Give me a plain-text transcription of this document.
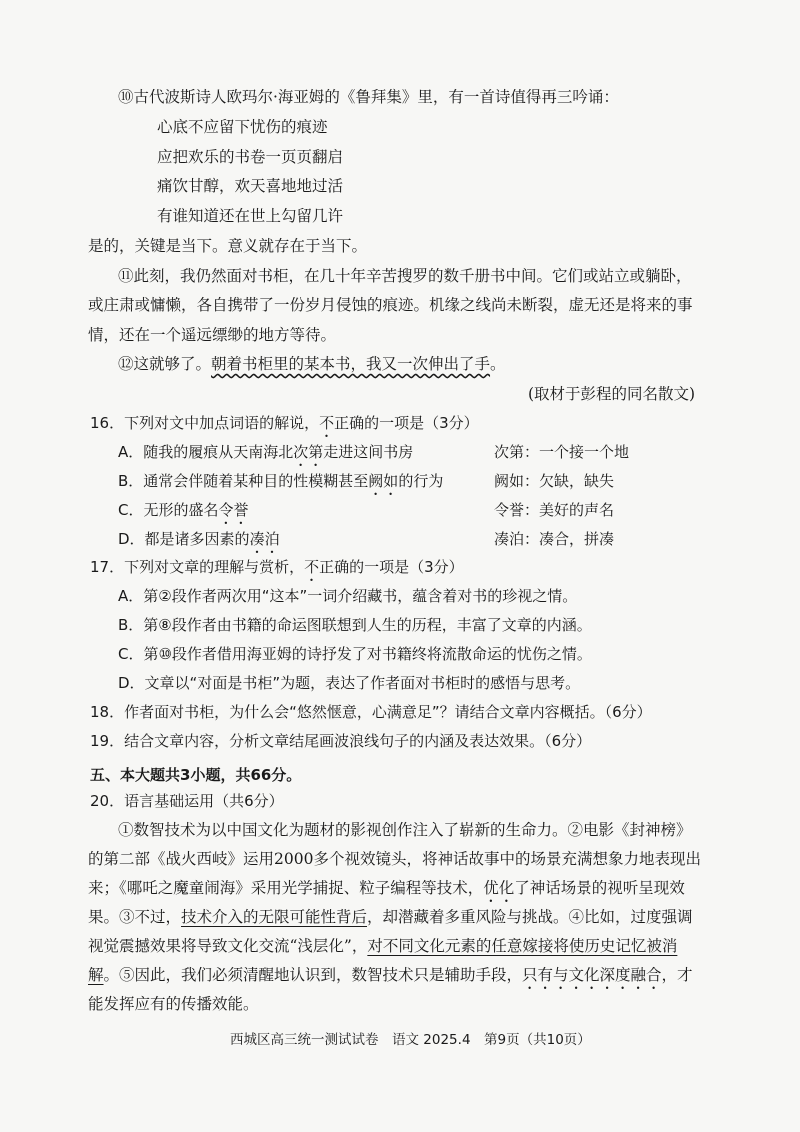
⑩古代波斯诗人欧玛尔·海亚姆的《鲁拜集》里，有一首诗值得再三吟诵：
心底不应留下忧伤的痕迹
应把欢乐的书卷一页页翻启
痛饮甘醇，欢天喜地地过活
有谁知道还在世上勾留几许
是的，关键是当下。意义就存在于当下。
⑪此刻，我仍然面对书柜，在几十年辛苦搜罗的数千册书中间。它们或站立或躺卧，
或庄肃或慵懒，各自携带了一份岁月侵蚀的痕迹。机缘之线尚未断裂，虚无还是将来的事
情，还在一个遥远缥缈的地方等待。
⑫这就够了。朝着书柜里的某本书，我又一次伸出了手。
(取材于彭程的同名散文)
16．下列对文中加点词语的解说，不正确的一项是（3分）
A．随我的履痕从天南海北次第走进这间书房	次第：一个接一个地
B．通常会伴随着某种目的性模糊甚至阙如的行为	阙如：欠缺，缺失
C．无形的盛名令誉	令誉：美好的声名
D．都是诸多因素的凑泊	凑泊：凑合，拼凑
17．下列对文章的理解与赏析，不正确的一项是（3分）
A．第②段作者两次用“这本”一词介绍藏书，蕴含着对书的珍视之情。
B．第⑧段作者由书籍的命运图联想到人生的历程，丰富了文章的内涵。
C．第⑩段作者借用海亚姆的诗抒发了对书籍终将流散命运的忧伤之情。
D．文章以“对面是书柜”为题，表达了作者面对书柜时的感悟与思考。
18．作者面对书柜，为什么会“悠然惬意，心满意足”？请结合文章内容概括。（6分）
19．结合文章内容，分析文章结尾画波浪线句子的内涵及表达效果。（6分）
五、本大题共3小题，共66分。
20．语言基础运用（共6分）
①数智技术为以中国文化为题材的影视创作注入了崭新的生命力。②电影《封神榜》
的第二部《战火西岐》运用2000多个视效镜头，将神话故事中的场景充满想象力地表现出
来；《哪吒之魔童闹海》采用光学捕捉、粒子编程等技术，优化了神话场景的视听呈现效
果。③不过，技术介入的无限可能性背后，却潜藏着多重风险与挑战。④比如，过度强调
视觉震撼效果将导致文化交流“浅层化”，对不同文化元素的任意嫁接将使历史记忆被消
解。⑤因此，我们必须清醒地认识到，数智技术只是辅助手段，只有与文化深度融合，才
能发挥应有的传播效能。
西城区高三统一测试试卷　语文 2025.4　第9页（共10页）
